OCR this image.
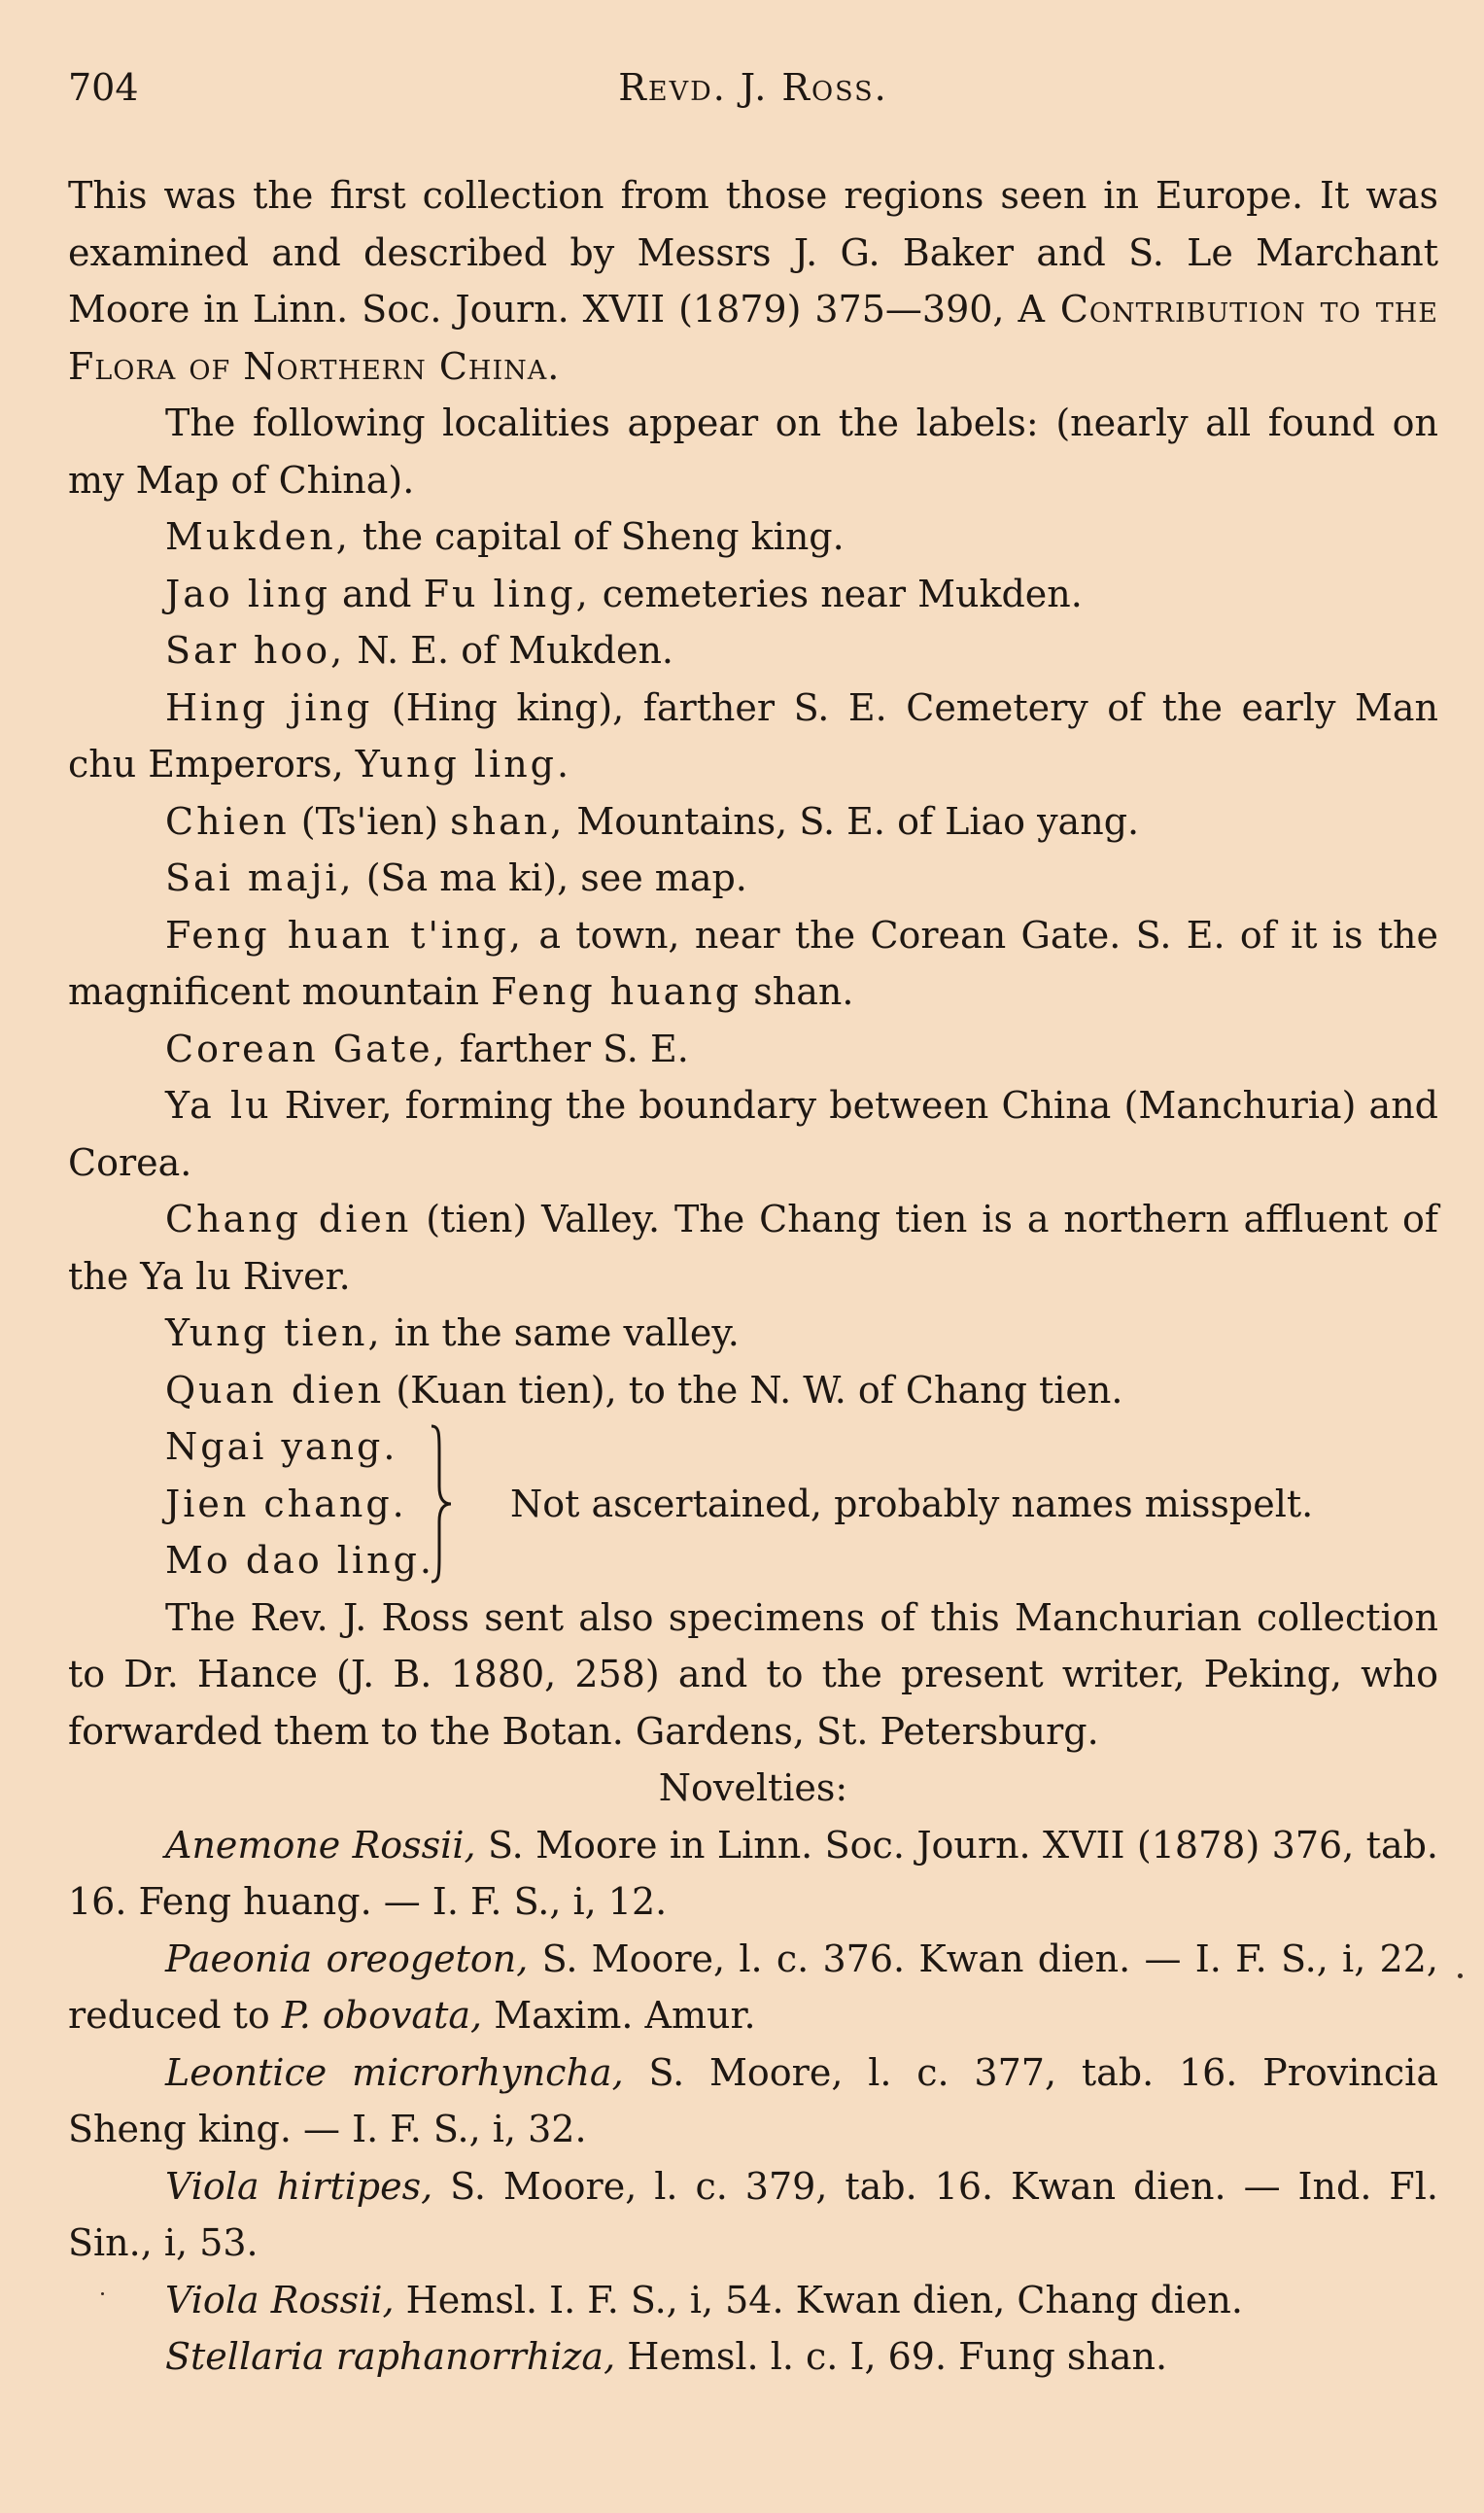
704	Revd. J. Ross.

This was the first collection from those regions seen in Europe. It was examined and described by Messrs J. G. Baker and S. Le Marchant Moore in Linn. Soc. Journ. XVII (1879) 375—390, A Contribution to the Flora of Northern China.

The following localities appear on the labels: (nearly all found on my Map of China).

Mukden, the capital of Sheng king.

Jao ling and Fu ling, cemeteries near Mukden.

Sar hoo, N. E. of Mukden.

Hing jing (Hing king), farther S. E. Cemetery of the early Man chu Emperors, Yung ling.

Chien (Ts'ien) shan, Mountains, S. E. of Liao yang.

Sai maji, (Sa ma ki), see map.

Feng huan t'ing, a town, near the Corean Gate. S. E. of it is the magnificent mountain Feng huang shan.

Corean Gate, farther S. E.

Ya lu River, forming the boundary between China (Manchuria) and Corea.

Chang dien (tien) Valley. The Chang tien is a northern affluent of the Ya lu River.

Yung tien, in the same valley.

Quan dien (Kuan tien), to the N. W. of Chang tien.

Ngai yang.
Jien chang.
Mo dao ling.
Not ascertained, probably names misspelt.

The Rev. J. Ross sent also specimens of this Manchurian collection to Dr. Hance (J. B. 1880, 258) and to the present writer, Peking, who forwarded them to the Botan. Gardens, St. Petersburg.

Novelties:

Anemone Rossii, S. Moore in Linn. Soc. Journ. XVII (1878) 376, tab. 16. Feng huang. — I. F. S., i, 12.

Paeonia oreogeton, S. Moore, l. c. 376. Kwan dien. — I. F. S., i, 22, reduced to P. obovata, Maxim. Amur.

Leontice microrhyncha, S. Moore, l. c. 377, tab. 16. Provincia Sheng king. — I. F. S., i, 32.

Viola hirtipes, S. Moore, l. c. 379, tab. 16. Kwan dien. — Ind. Fl. Sin., i, 53.

Viola Rossii, Hemsl. I. F. S., i, 54. Kwan dien, Chang dien.

Stellaria raphanorrhiza, Hemsl. l. c. I, 69. Fung shan.
